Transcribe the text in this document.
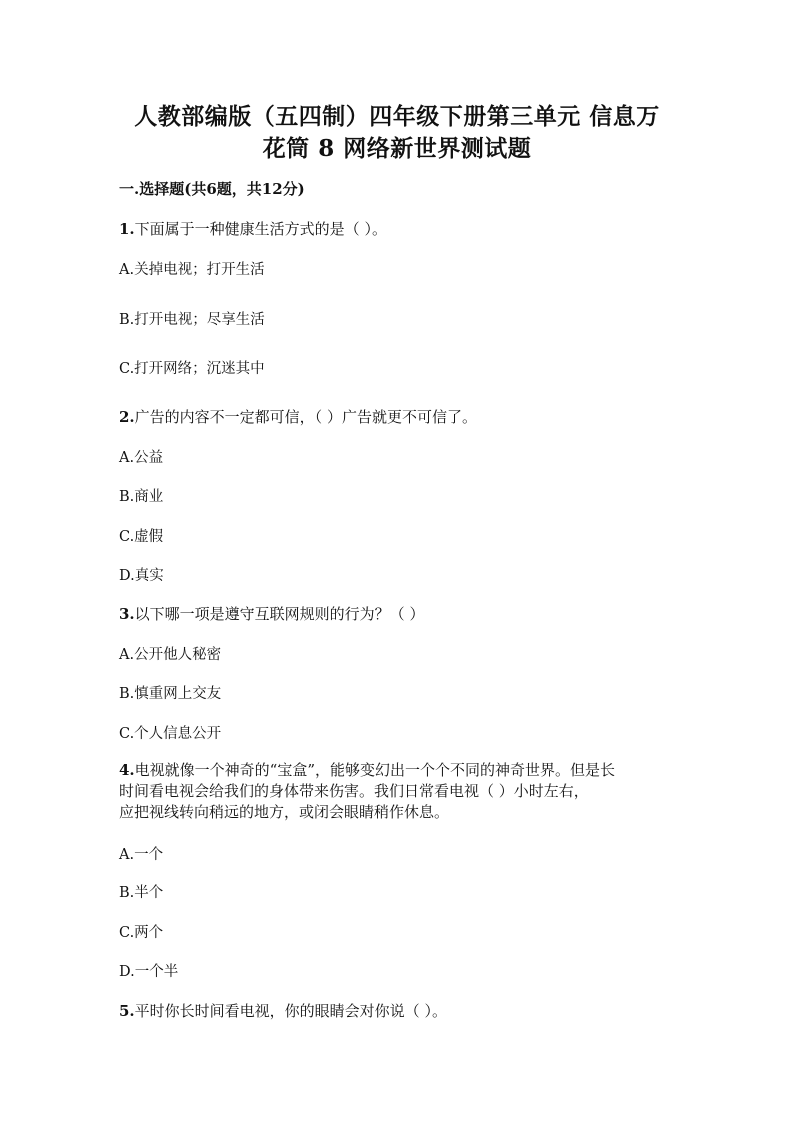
人教部编版（五四制）四年级下册第三单元 信息万
花筒 8 网络新世界测试题
一.选择题(共6题，共12分)
1.下面属于一种健康生活方式的是（ ）。
A.关掉电视；打开生活
B.打开电视；尽享生活
C.打开网络；沉迷其中
2.广告的内容不一定都可信，（ ）广告就更不可信了。
A.公益
B.商业
C.虚假
D.真实
3.以下哪一项是遵守互联网规则的行为？（ ）
A.公开他人秘密
B.慎重网上交友
C.个人信息公开
4.电视就像一个神奇的“宝盒”，能够变幻出一个个不同的神奇世界。但是长
时间看电视会给我们的身体带来伤害。我们日常看电视（ ）小时左右，
应把视线转向稍远的地方，或闭会眼睛稍作休息。
A.一个
B.半个
C.两个
D.一个半
5.平时你长时间看电视，你的眼睛会对你说（ ）。
